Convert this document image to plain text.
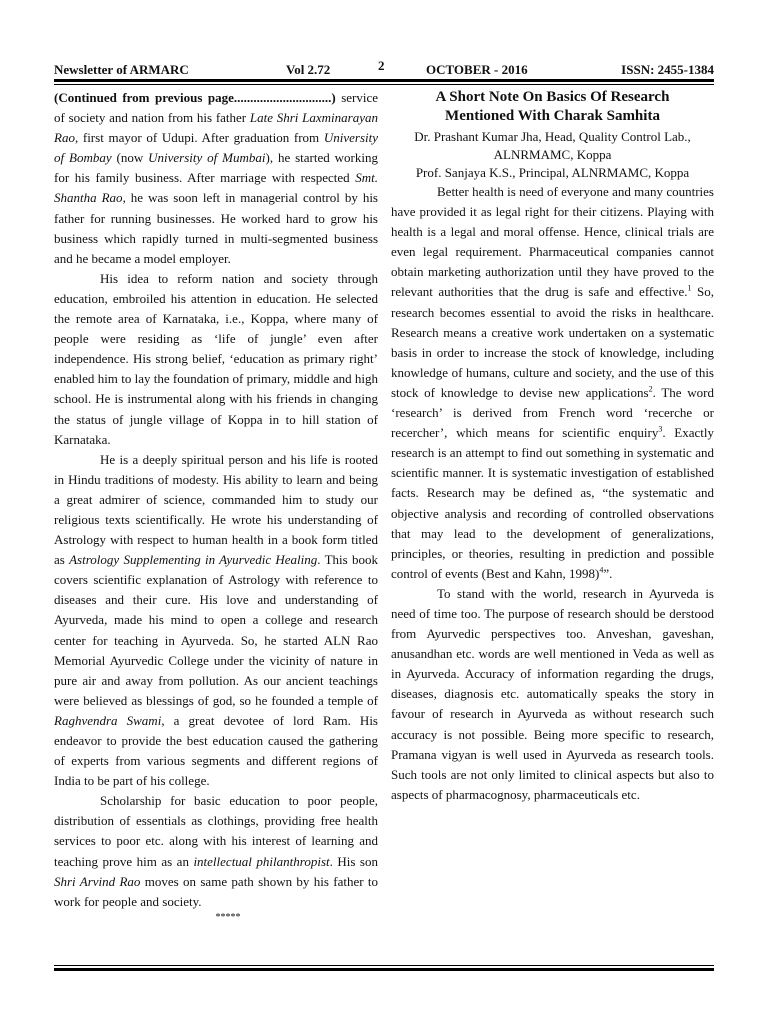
Newsletter of ARMARC	Vol 2.72	2	OCTOBER - 2016	ISSN: 2455-1384

(Continued from previous page..............................) service of society and nation from his father Late Shri Laxminarayan Rao, first mayor of Udupi. After graduation from University of Bombay (now University of Mumbai), he started working for his family business. After marriage with respected Smt. Shantha Rao, he was soon left in managerial control by his father for running businesses. He worked hard to grow his business which rapidly turned in multi-segmented business and he became a model employer.

His idea to reform nation and society through education, embroiled his attention in education. He selected the remote area of Karnataka, i.e., Koppa, where many of people were residing as ‘life of jungle’ even after independence. His strong belief, ‘education as primary right’ enabled him to lay the foundation of primary, middle and high school. He is instrumental along with his friends in changing the status of jungle village of Koppa in to hill station of Karnataka.

He is a deeply spiritual person and his life is rooted in Hindu traditions of modesty. His ability to learn and being a great admirer of science, commanded him to study our religious texts scientifically. He wrote his understanding of Astrology with respect to human health in a book form titled as Astrology Supplementing in Ayurvedic Healing. This book covers scientific explanation of Astrology with reference to diseases and their cure. His love and understanding of Ayurveda, made his mind to open a college and research center for teaching in Ayurveda. So, he started ALN Rao Memorial Ayurvedic College under the vicinity of nature in pure air and away from pollution. As our ancient teachings were believed as blessings of god, so he founded a temple of Raghvendra Swami, a great devotee of lord Ram. His endeavor to provide the best education caused the gathering of experts from various segments and different regions of India to be part of his college.

Scholarship for basic education to poor people, distribution of essentials as clothings, providing free health services to poor etc. along with his interest of learning and teaching prove him as an intellectual philanthropist. His son Shri Arvind Rao moves on same path shown by his father to work for people and society.

*****

A Short Note On Basics Of Research
Mentioned With Charak Samhita

Dr. Prashant Kumar Jha, Head, Quality Control Lab.,
ALNRMAMC, Koppa

Prof. Sanjaya K.S., Principal, ALNRMAMC, Koppa

Better health is need of everyone and many countries have provided it as legal right for their citizens. Playing with health is a legal and moral offense. Hence, clinical trials are even legal requirement. Pharmaceutical companies cannot obtain marketing authorization until they have proved to the relevant authorities that the drug is safe and effective.$^1$ So, research becomes essential to avoid the risks in healthcare. Research means a creative work undertaken on a systematic basis in order to increase the stock of knowledge, including knowledge of humans, culture and society, and the use of this stock of knowledge to devise new applications$^2$. The word ‘research’ is derived from French word ‘recerche or recercher’, which means for scientific enquiry$^3$. Exactly research is an attempt to find out something in systematic and scientific manner. It is systematic investigation of established facts. Research may be defined as, “the systematic and objective analysis and recording of controlled observations that may lead to the development of generalizations, principles, or theories, resulting in prediction and possible control of events (Best and Kahn, 1998)$^4$”.

To stand with the world, research in Ayurveda is need of time too. The purpose of research should be derstood from Ayurvedic perspectives too. Anveshan, gaveshan, anusandhan etc. words are well mentioned in Veda as well as in Ayurveda. Accuracy of information regarding the drugs, diseases, diagnosis etc. automatically speaks the story in favour of research in Ayurveda as without research such accuracy is not possible. Being more specific to research, Pramana vigyan is well used in Ayurveda as research tools. Such tools are not only limited to clinical aspects but also to aspects of pharmacognosy, pharmaceuticals etc.
